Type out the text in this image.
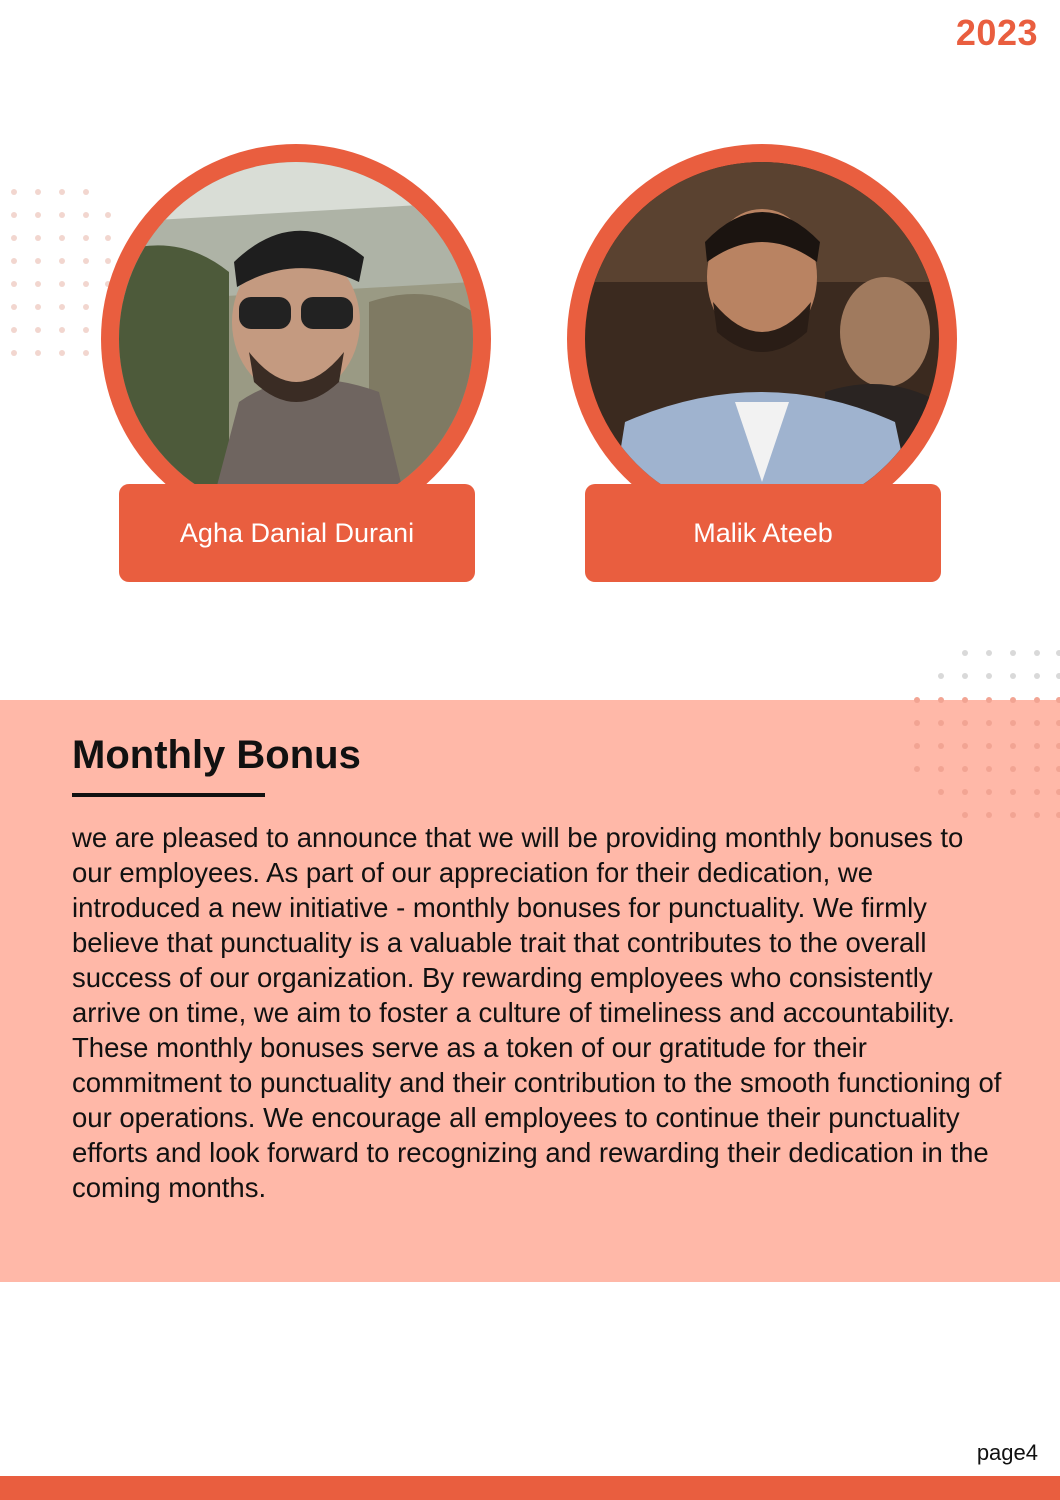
2023
Agha Danial Durani	Malik Ateeb
Monthly Bonus

we are pleased to announce that we will be providing monthly bonuses to our employees. As part of our appreciation for their dedication, we introduced a new initiative - monthly bonuses for punctuality. We firmly believe that punctuality is a valuable trait that contributes to the overall success of our organization. By rewarding employees who consistently arrive on time, we aim to foster a culture of timeliness and accountability. These monthly bonuses serve as a token of our gratitude for their commitment to punctuality and their contribution to the smooth functioning of our operations. We encourage all employees to continue their punctuality efforts and look forward to recognizing and rewarding their dedication in the coming months.

page4
